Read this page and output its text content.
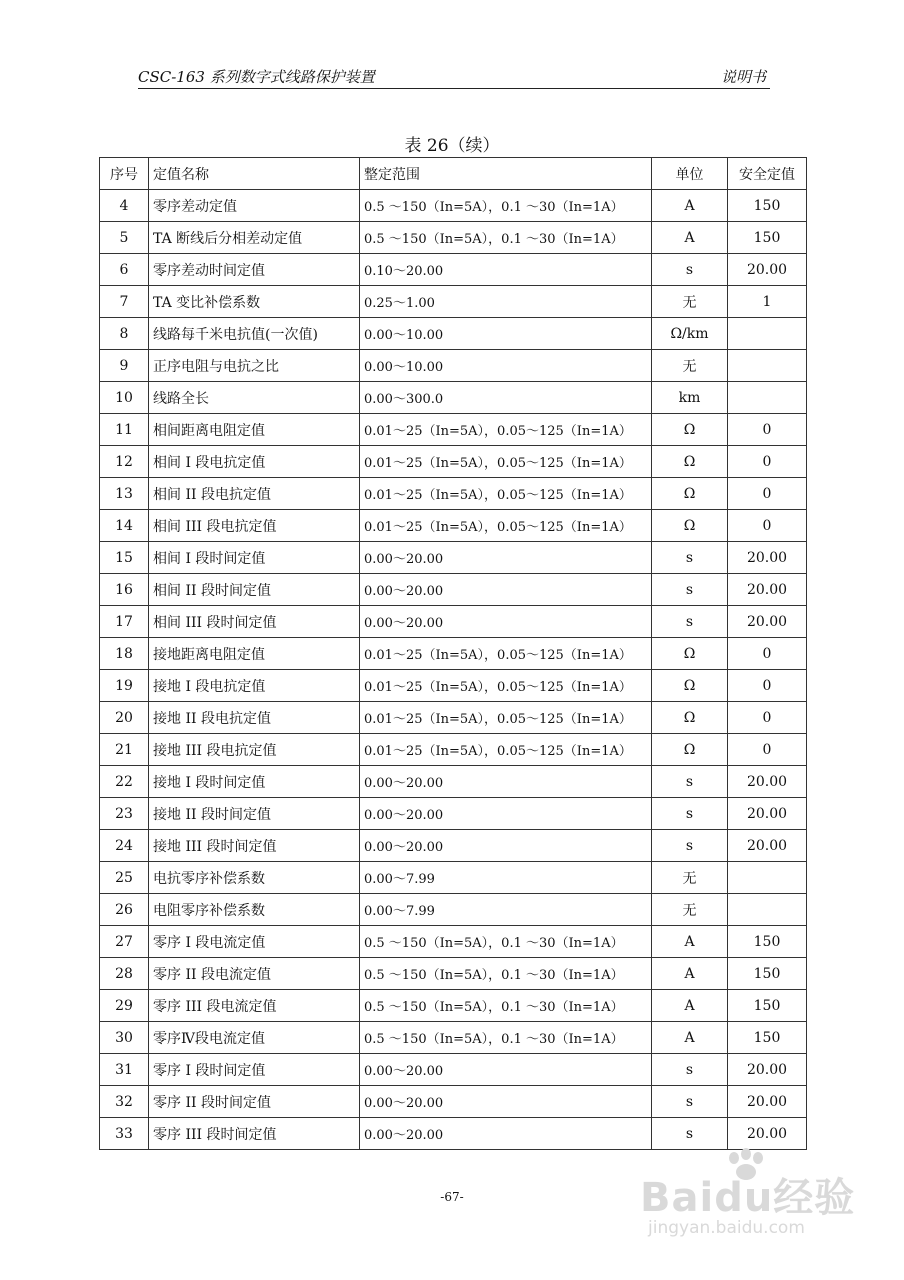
CSC-163 系列数字式线路保护装置	说明书
表 26（续）
序号	定值名称	整定范围	单位	安全定值
4	零序差动定值	0.5 ～150（In=5A），0.1 ～30（In=1A）	A	150
5	TA 断线后分相差动定值	0.5 ～150（In=5A），0.1 ～30（In=1A）	A	150
6	零序差动时间定值	0.10～20.00	s	20.00
7	TA 变比补偿系数	0.25～1.00	无	1
8	线路每千米电抗值(一次值)	0.00～10.00	Ω/km	
9	正序电阻与电抗之比	0.00～10.00	无	
10	线路全长	0.00～300.0	km	
11	相间距离电阻定值	0.01～25（In=5A），0.05～125（In=1A）	Ω	0
12	相间 I 段电抗定值	0.01～25（In=5A），0.05～125（In=1A）	Ω	0
13	相间 II 段电抗定值	0.01～25（In=5A），0.05～125（In=1A）	Ω	0
14	相间 III 段电抗定值	0.01～25（In=5A），0.05～125（In=1A）	Ω	0
15	相间 I 段时间定值	0.00～20.00	s	20.00
16	相间 II 段时间定值	0.00～20.00	s	20.00
17	相间 III 段时间定值	0.00～20.00	s	20.00
18	接地距离电阻定值	0.01～25（In=5A），0.05～125（In=1A）	Ω	0
19	接地 I 段电抗定值	0.01～25（In=5A），0.05～125（In=1A）	Ω	0
20	接地 II 段电抗定值	0.01～25（In=5A），0.05～125（In=1A）	Ω	0
21	接地 III 段电抗定值	0.01～25（In=5A），0.05～125（In=1A）	Ω	0
22	接地 I 段时间定值	0.00～20.00	s	20.00
23	接地 II 段时间定值	0.00～20.00	s	20.00
24	接地 III 段时间定值	0.00～20.00	s	20.00
25	电抗零序补偿系数	0.00～7.99	无	
26	电阻零序补偿系数	0.00～7.99	无	
27	零序 I 段电流定值	0.5 ～150（In=5A），0.1 ～30（In=1A）	A	150
28	零序 II 段电流定值	0.5 ～150（In=5A），0.1 ～30（In=1A）	A	150
29	零序 III 段电流定值	0.5 ～150（In=5A），0.1 ～30（In=1A）	A	150
30	零序Ⅳ段电流定值	0.5 ～150（In=5A），0.1 ～30（In=1A）	A	150
31	零序 I 段时间定值	0.00～20.00	s	20.00
32	零序 II 段时间定值	0.00～20.00	s	20.00
33	零序 III 段时间定值	0.00～20.00	s	20.00
-67-	Baidu经验
jingyan.baidu.com
